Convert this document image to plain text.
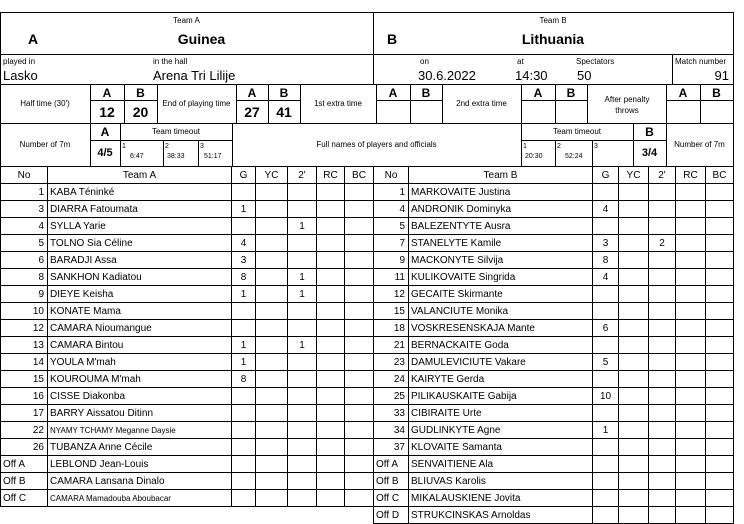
Team A	Team B
A	Guinea	B	Lithuania
played in
Lasko
in the hall
Arena Tri Lilije
on
30.6.2022
at
14:30
Spectators
50
Match number
91
Half time (30')
A	B
12	20
End of playing time
A	B
27	41
1st extra time
A	B
2nd extra time
A	B	After penalty throws
A	B
Number of 7m
A
4/5
Team timeout
1
6:47
2
38:33
3
51:17
Full names of players and officials
Team timeout
1
20:30
2
52:24
3
B
3/4
Number of 7m
No	Team A	G	YC	2'	RC	BC
1	KABA Téninké					
3	DIARRA Fatoumata	1				
4	SYLLA Yarie			1		
5	TOLNO Sia Céline	4				
6	BARADJI Assa	3				
8	SANKHON Kadiatou	8		1		
9	DIEYE Keisha	1		1		
10	KONATE Mama					
12	CAMARA Nioumangue					
13	CAMARA Bintou	1		1		
14	YOULA M'mah	1				
15	KOUROUMA M'mah	8				
16	CISSE Diakonba					
17	BARRY Aissatou Ditinn					
22	NYAMY TCHAMY Meganne Daysie					
26	TUBANZA Anne Cécile					
Off A	LEBLOND Jean-Louis					
Off B	CAMARA Lansana Dinalo					
Off C	CAMARA Mamadouba Aboubacar					
No	Team B	G	YC	2'	RC	BC
1	MARKOVAITE Justina					
4	ANDRONIK Dominyka	4				
5	BALEZENTYTE Ausra					
7	STANELYTE Kamile	3		2		
9	MACKONYTE Silvija	8				
11	KULIKOVAITE Singrida	4				
12	GECAITE Skirmante					
15	VALANCIUTE Monika					
18	VOSKRESENSKAJA Mante	6				
21	BERNACKAITE Goda					
23	DAMULEVICIUTE Vakare	5				
24	KAIRYTE Gerda					
25	PILIKAUSKAITE Gabija	10				
33	CIBIRAITE Urte					
34	GUDLINKYTE Agne	1				
37	KLOVAITE Samanta					
Off A	SENVAITIENE Ala					
Off B	BLIUVAS Karolis					
Off C	MIKALAUSKIENE Jovita					
Off D	STRUKCINSKAS Arnoldas					
